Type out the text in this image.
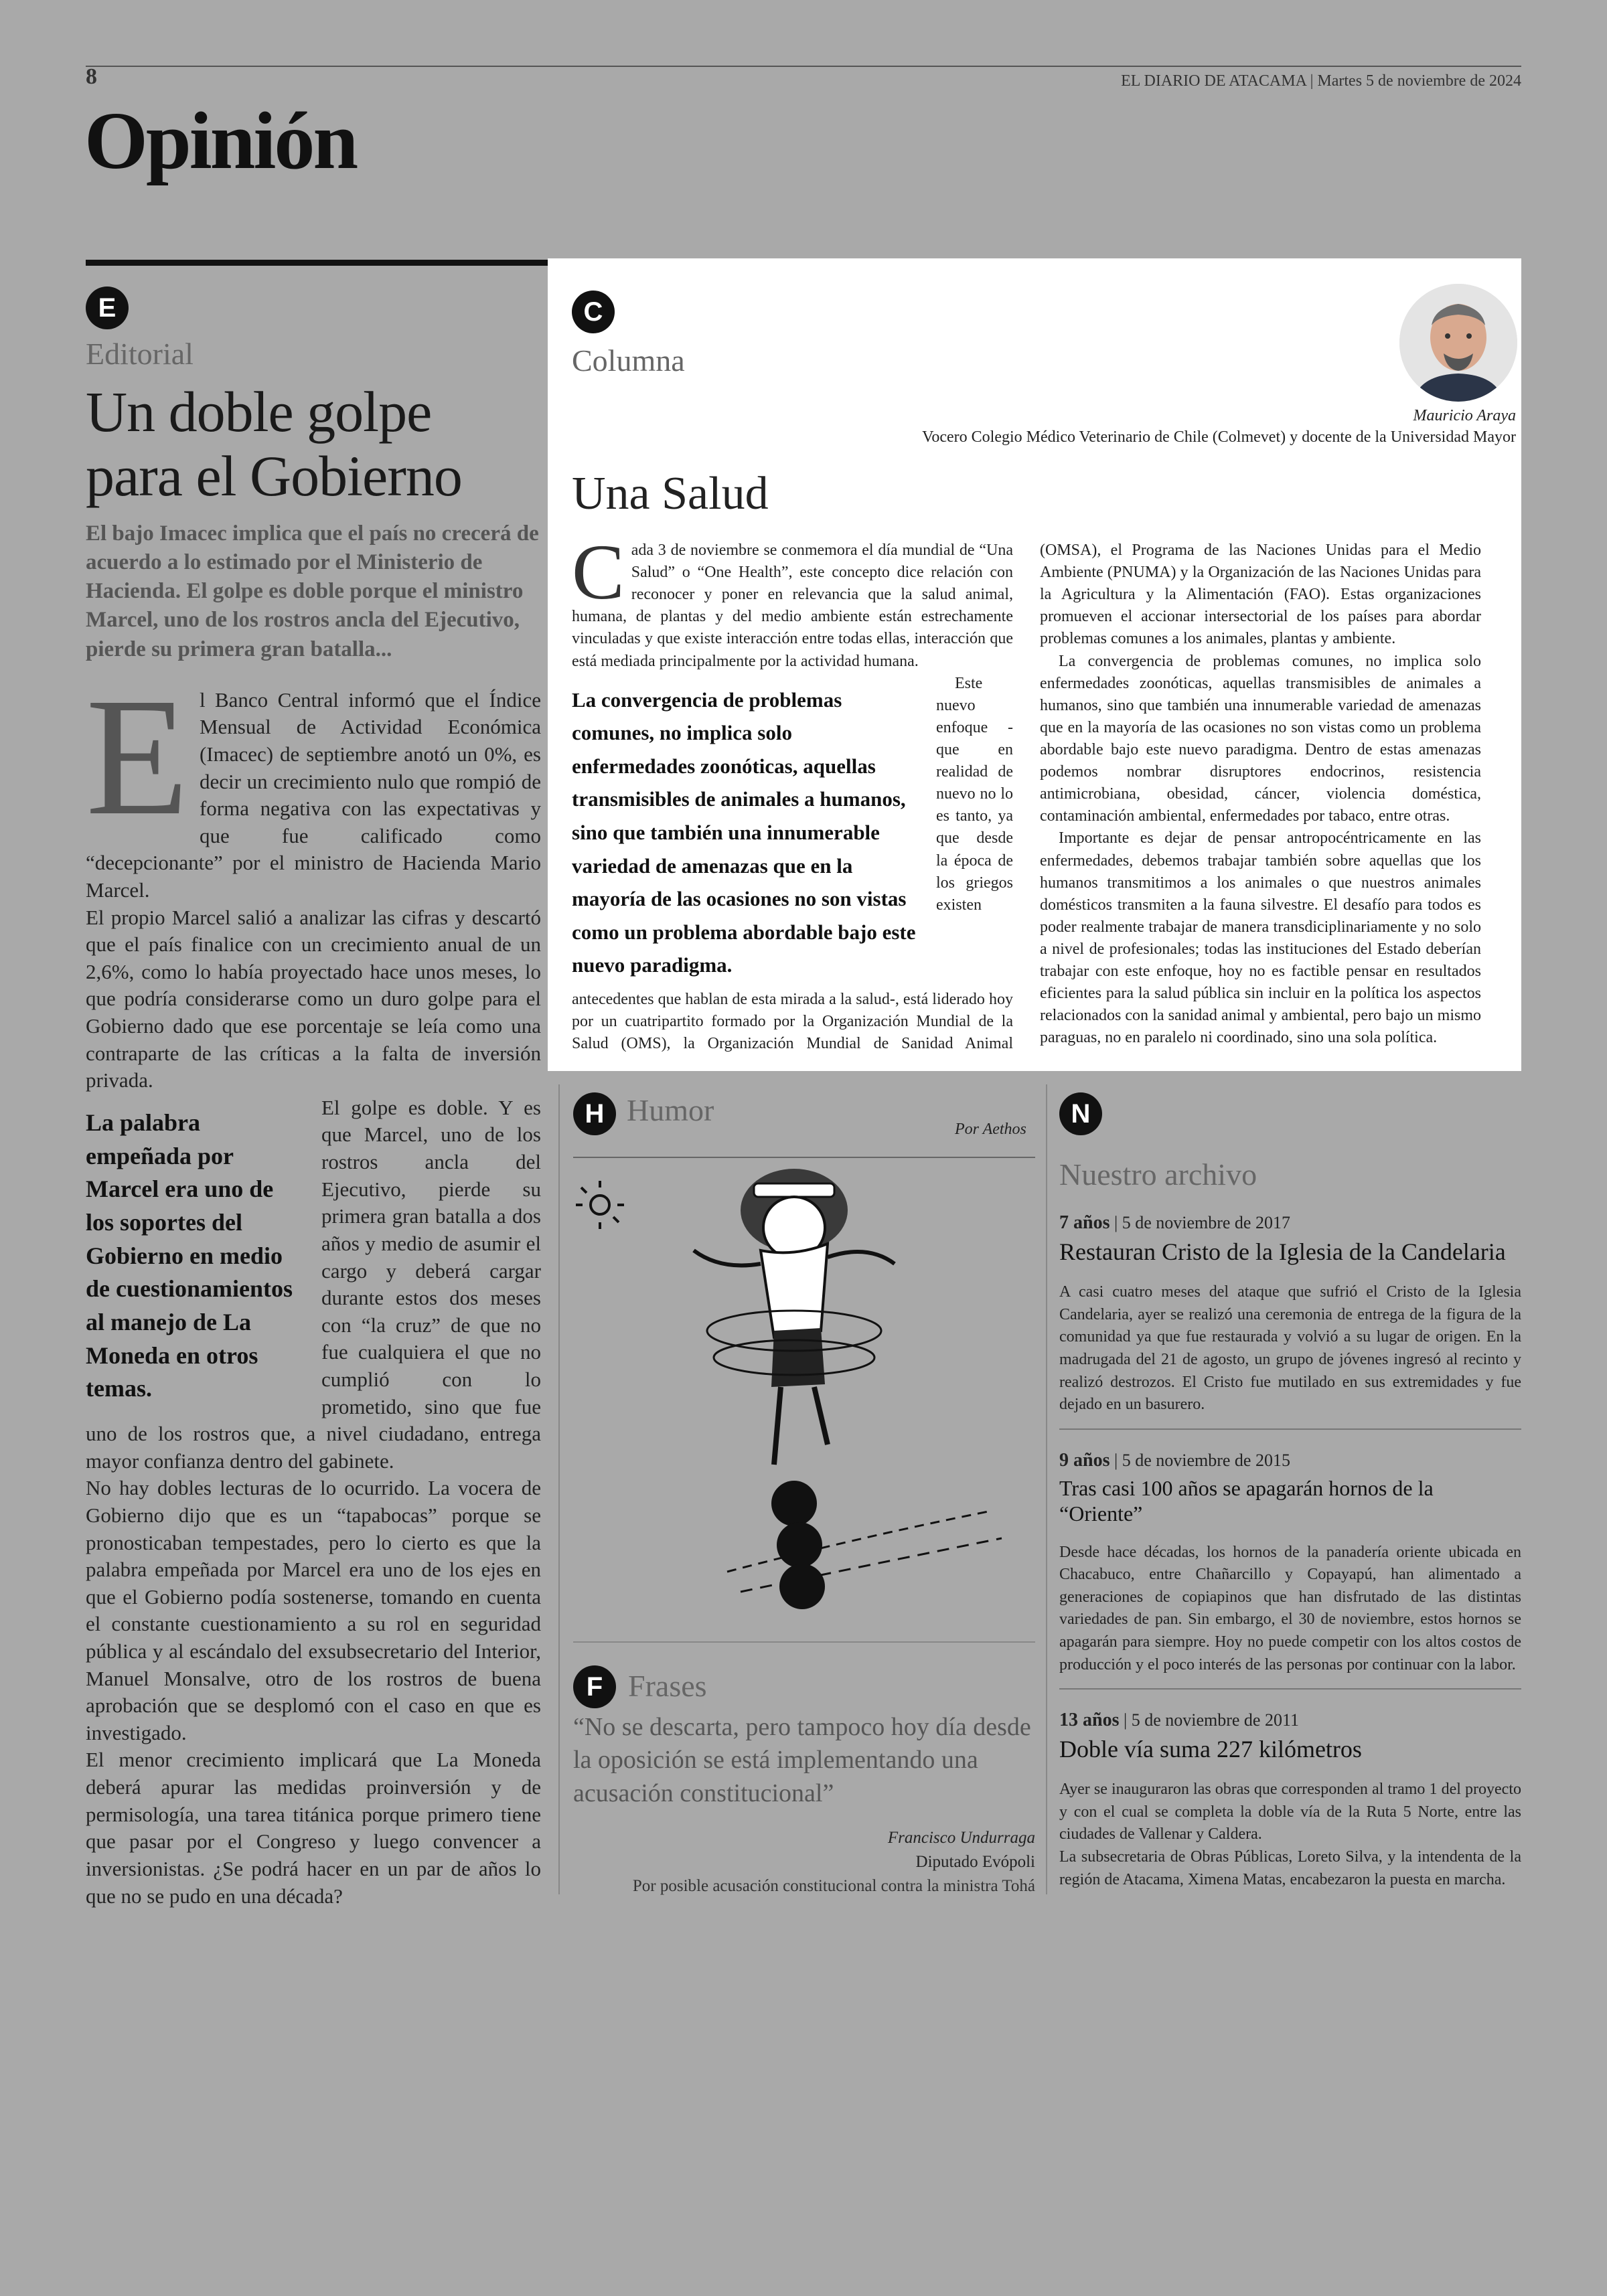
8	EL DIARIO DE ATACAMA | Martes 5 de noviembre de 2024
Opinión
E
Editorial
Un doble golpe
para el Gobierno
El bajo Imacec implica que el país no crecerá de acuerdo a lo estimado por el Ministerio de Hacienda. El golpe es doble porque el ministro Marcel, uno de los rostros ancla del Ejecutivo, pierde su primera gran batalla...
E l Banco Central informó que el Índice Mensual de Actividad Económica (Imacec) de septiembre anotó un 0%, es decir un crecimiento nulo que rompió de forma negativa con las expectativas y que fue calificado como “decepcionante” por el ministro de Hacienda Mario Marcel.

El propio Marcel salió a analizar las cifras y descartó que el país finalice con un crecimiento anual de un 2,6%, como lo había proyectado hace unos meses, lo que podría considerarse como un duro golpe para el Gobierno dado que ese porcentaje se leía como una contraparte de las críticas a la falta de inversión privada.

La palabra empeñada por Marcel era uno de los soportes del Gobierno en medio de cuestionamientos al manejo de La Moneda en otros temas.

El golpe es doble. Y es que Marcel, uno de los rostros ancla del Ejecutivo, pierde su primera gran batalla a dos años y medio de asumir el cargo y deberá cargar durante estos dos meses con “la cruz” de que no fue cualquiera el que no cumplió con lo prometido, sino que fue uno de los rostros que, a nivel ciudadano, entrega mayor confianza dentro del gabinete.

No hay dobles lecturas de lo ocurrido. La vocera de Gobierno dijo que es un “tapabocas” porque se pronosticaban tempestades, pero lo cierto es que la palabra empeñada por Marcel era uno de los ejes en que el Gobierno podía sostenerse, tomando en cuenta el constante cuestionamiento a su rol en seguridad pública y al escándalo del exsubsecretario del Interior, Manuel Monsalve, otro de los rostros de buena aprobación que se desplomó con el caso en que es investigado.

El menor crecimiento implicará que La Moneda deberá apurar las medidas proinversión y de permisología, una tarea titánica porque primero tiene que pasar por el Congreso y luego convencer a inversionistas. ¿Se podrá hacer en un par de años lo que no se pudo en una década?

C
Columna
Mauricio Araya
Vocero Colegio Médico Veterinario de Chile (Colmevet) y docente de la Universidad Mayor
Una Salud
C ada 3 de noviembre se conmemora el día mundial de “Una Salud” o “One Health”, este concepto dice relación con reconocer y poner en relevancia que la salud animal, humana, de plantas y del medio ambiente están estrechamente vinculadas y que existe interacción entre todas ellas, interacción que está mediada principalmente por la actividad humana.

La convergencia de problemas comunes, no implica solo enfermedades zoonóticas, aquellas transmisibles de animales a humanos, sino que también una innumerable variedad de amenazas que en la mayoría de las ocasiones no son vistas como un problema abordable bajo este nuevo paradigma.

Este nuevo enfoque -que en realidad de nuevo no lo es tanto, ya que desde la época de los griegos existen antecedentes que hablan de esta mirada a la salud-, está liderado hoy por un cuatripartito formado por la Organización Mundial de la Salud (OMS), la Organización Mundial de Sanidad Animal (OMSA), el Programa de las Naciones Unidas para el Medio Ambiente (PNUMA) y la Organización de las Naciones Unidas para la Agricultura y la Alimentación (FAO). Estas organizaciones promueven el accionar intersectorial de los países para abordar problemas comunes a los animales, plantas y ambiente.

La convergencia de problemas comunes, no implica solo enfermedades zoonóticas, aquellas transmisibles de animales a humanos, sino que también una innumerable variedad de amenazas que en la mayoría de las ocasiones no son vistas como un problema abordable bajo este nuevo paradigma. Dentro de estas amenazas podemos nombrar disruptores endocrinos, resistencia antimicrobiana, obesidad, cáncer, violencia doméstica, contaminación ambiental, enfermedades por tabaco, entre otras.

Importante es dejar de pensar antropocéntricamente en las enfermedades, debemos trabajar también sobre aquellas que los humanos transmitimos a los animales o que nuestros animales domésticos transmiten a la fauna silvestre. El desafío para todos es poder realmente trabajar de manera transdiciplinariamente y no solo a nivel de profesionales; todas las instituciones del Estado deberían trabajar con este enfoque, hoy no es factible pensar en resultados eficientes para la salud pública sin incluir en la política los aspectos relacionados con la sanidad animal y ambiental, pero bajo un mismo paraguas, no en paralelo ni coordinado, sino una sola política.

H Humor
Por Aethos
F Frases
“No se descarta, pero tampoco hoy día desde la oposición se está implementando una acusación constitucional”
Francisco Undurraga
Diputado Evópoli
Por posible acusación constitucional contra la ministra Tohá
N
Nuestro archivo
7 años | 5 de noviembre de 2017
Restauran Cristo de la Iglesia de la Candelaria
A casi cuatro meses del ataque que sufrió el Cristo de la Iglesia Candelaria, ayer se realizó una ceremonia de entrega de la figura de la comunidad ya que fue restaurada y volvió a su lugar de origen. En la madrugada del 21 de agosto, un grupo de jóvenes ingresó al recinto y realizó destrozos. El Cristo fue mutilado en sus extremidades y fue dejado en un basurero.
9 años | 5 de noviembre de 2015
Tras casi 100 años se apagarán hornos de la “Oriente”
Desde hace décadas, los hornos de la panadería oriente ubicada en Chacabuco, entre Chañarcillo y Copayapú, han alimentado a generaciones de copiapinos que han disfrutado de las distintas variedades de pan. Sin embargo, el 30 de noviembre, estos hornos se apagarán para siempre. Hoy no puede competir con los altos costos de producción y el poco interés de las personas por continuar con la labor.
13 años | 5 de noviembre de 2011
Doble vía suma 227 kilómetros
Ayer se inauguraron las obras que corresponden al tramo 1 del proyecto y con el cual se completa la doble vía de la Ruta 5 Norte, entre las ciudades de Vallenar y Caldera.
La subsecretaria de Obras Públicas, Loreto Silva, y la intendenta de la región de Atacama, Ximena Matas, encabezaron la puesta en marcha.
